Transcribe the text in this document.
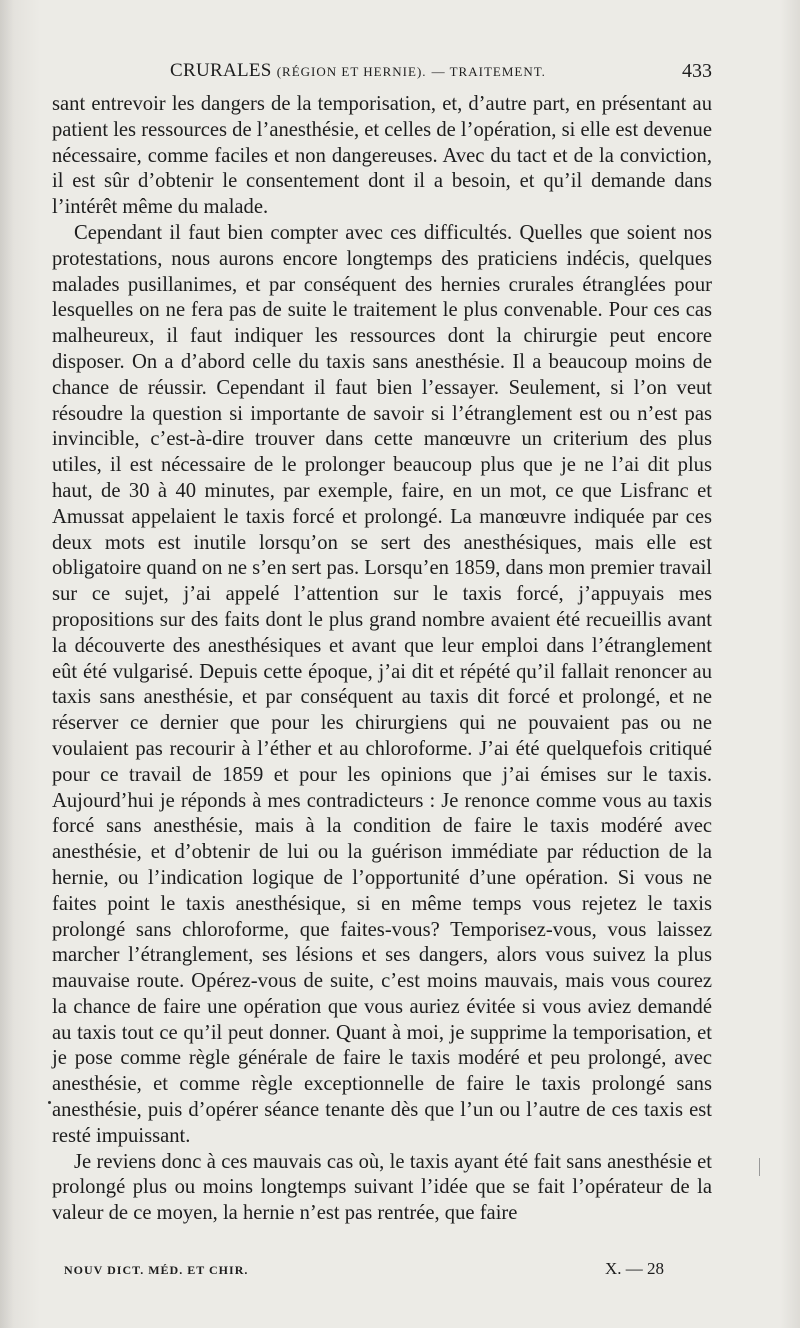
CRURALES (RÉGION ET HERNIE). — TRAITEMENT.	433

sant entrevoir les dangers de la temporisation, et, d’autre part, en présentant au patient les ressources de l’anesthésie, et celles de l’opération, si elle est devenue nécessaire, comme faciles et non dangereuses. Avec du tact et de la conviction, il est sûr d’obtenir le consentement dont il a besoin, et qu’il demande dans l’intérêt même du malade.

Cependant il faut bien compter avec ces difficultés. Quelles que soient nos protestations, nous aurons encore longtemps des praticiens indécis, quelques malades pusillanimes, et par conséquent des hernies crurales étranglées pour lesquelles on ne fera pas de suite le traitement le plus convenable. Pour ces cas malheureux, il faut indiquer les ressources dont la chirurgie peut encore disposer. On a d’abord celle du taxis sans anesthésie. Il a beaucoup moins de chance de réussir. Cependant il faut bien l’essayer. Seulement, si l’on veut résoudre la question si importante de savoir si l’étranglement est ou n’est pas invincible, c’est-à-dire trouver dans cette manœuvre un criterium des plus utiles, il est nécessaire de le prolonger beaucoup plus que je ne l’ai dit plus haut, de 30 à 40 minutes, par exemple, faire, en un mot, ce que Lisfranc et Amussat appelaient le taxis forcé et prolongé. La manœuvre indiquée par ces deux mots est inutile lorsqu’on se sert des anesthésiques, mais elle est obligatoire quand on ne s’en sert pas. Lorsqu’en 1859, dans mon premier travail sur ce sujet, j’ai appelé l’attention sur le taxis forcé, j’appuyais mes propositions sur des faits dont le plus grand nombre avaient été recueillis avant la découverte des anesthésiques et avant que leur emploi dans l’étranglement eût été vulgarisé. Depuis cette époque, j’ai dit et répété qu’il fallait renoncer au taxis sans anesthésie, et par conséquent au taxis dit forcé et prolongé, et ne réserver ce dernier que pour les chirurgiens qui ne pouvaient pas ou ne voulaient pas recourir à l’éther et au chloroforme. J’ai été quelquefois critiqué pour ce travail de 1859 et pour les opinions que j’ai émises sur le taxis. Aujourd’hui je réponds à mes contradicteurs : Je renonce comme vous au taxis forcé sans anesthésie, mais à la condition de faire le taxis modéré avec anesthésie, et d’obtenir de lui ou la guérison immédiate par réduction de la hernie, ou l’indication logique de l’opportunité d’une opération. Si vous ne faites point le taxis anesthésique, si en même temps vous rejetez le taxis prolongé sans chloroforme, que faites-vous? Temporisez-vous, vous laissez marcher l’étranglement, ses lésions et ses dangers, alors vous suivez la plus mauvaise route. Opérez-vous de suite, c’est moins mauvais, mais vous courez la chance de faire une opération que vous auriez évitée si vous aviez demandé au taxis tout ce qu’il peut donner. Quant à moi, je supprime la temporisation, et je pose comme règle générale de faire le taxis modéré et peu prolongé, avec anesthésie, et comme règle exceptionnelle de faire le taxis prolongé sans anesthésie, puis d’opérer séance tenante dès que l’un ou l’autre de ces taxis est resté impuissant.

Je reviens donc à ces mauvais cas où, le taxis ayant été fait sans anesthésie et prolongé plus ou moins longtemps suivant l’idée que se fait l’opérateur de la valeur de ce moyen, la hernie n’est pas rentrée, que faire

NOUV DICT. MÉD. ET CHIR.	X. — 28
